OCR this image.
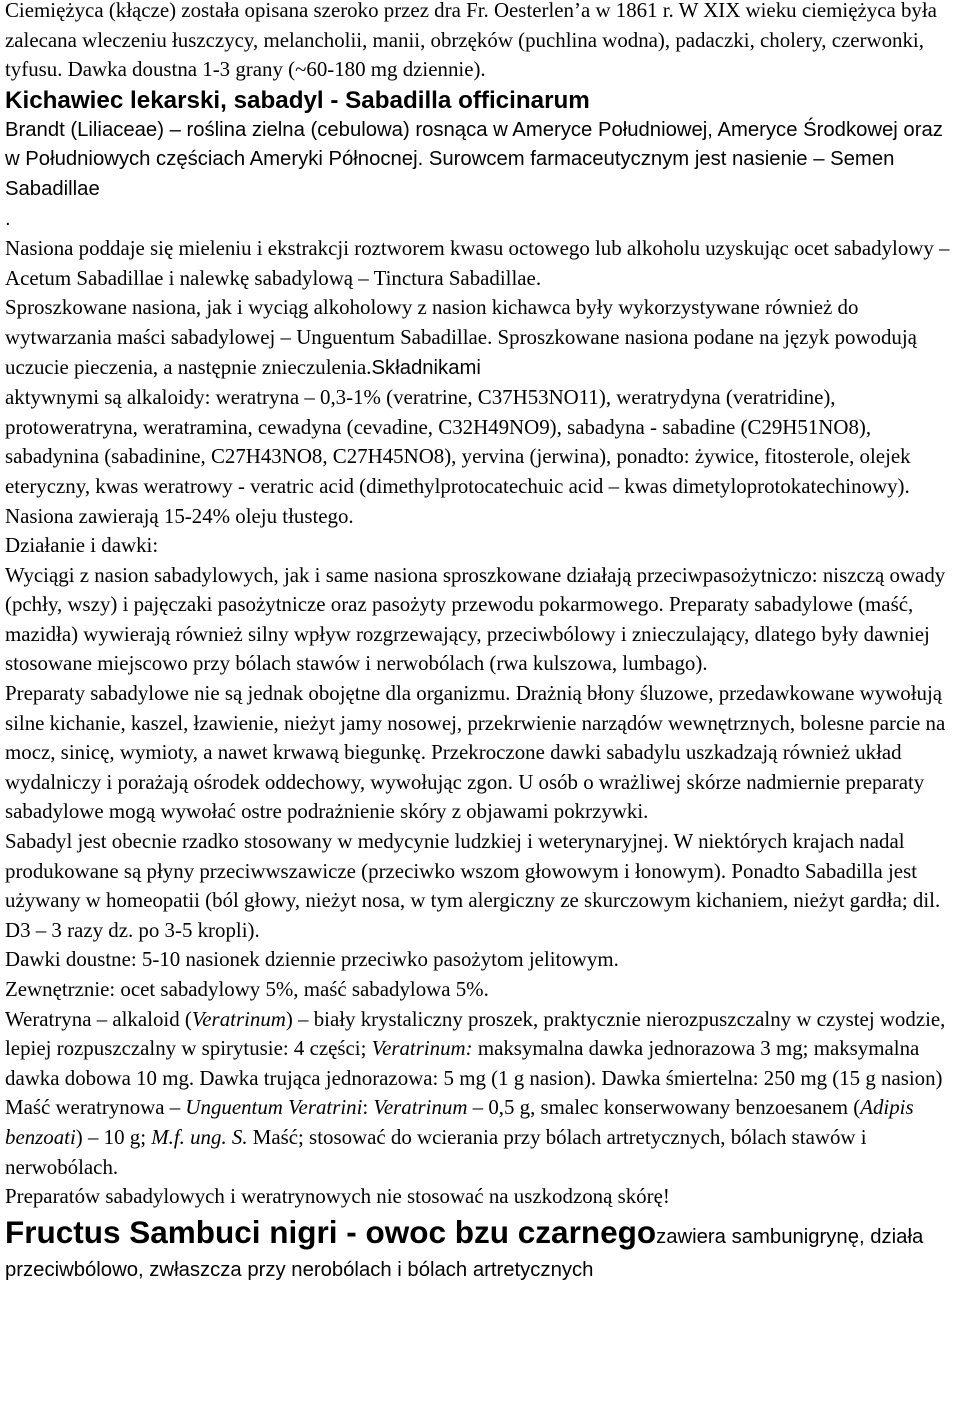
Ciemiężyca (kłącze) została opisana szeroko przez dra Fr. Oesterlen’a w 1861 r. W XIX wieku ciemiężyca była zalecana wleczeniu łuszczycy, melancholii, manii, obrzęków (puchlina wodna), padaczki, cholery, czerwonki, tyfusu. Dawka doustna 1-3 grany (~60-180 mg dziennie).

Kichawiec lekarski, sabadyl - Sabadilla officinarum

Brandt (Liliaceae) – roślina zielna (cebulowa) rosnąca w Ameryce Południowej, Ameryce Środkowej oraz w Południowych częściach Ameryki Północnej. Surowcem farmaceutycznym jest nasienie – Semen Sabadillae

.

Nasiona poddaje się mieleniu i ekstrakcji roztworem kwasu octowego lub alkoholu uzyskując ocet sabadylowy – Acetum Sabadillae i nalewkę sabadylową – Tinctura Sabadillae.

Sproszkowane nasiona, jak i wyciąg alkoholowy z nasion kichawca były wykorzystywane również do wytwarzania maści sabadylowej – Unguentum Sabadillae. Sproszkowane nasiona podane na język powodują uczucie pieczenia, a następnie znieczulenia.Składnikami

aktywnymi są alkaloidy: weratryna – 0,3-1% (veratrine, C37H53NO11), weratrydyna (veratridine), protoweratryna, weratramina, cewadyna (cevadine, C32H49NO9), sabadyna - sabadine (C29H51NO8), sabadynina (sabadinine, C27H43NO8, C27H45NO8), yervina (jerwina), ponadto: żywice, fitosterole, olejek eteryczny, kwas weratrowy - veratric acid (dimethylprotocatechuic acid – kwas dimetyloprotokatechinowy).

Nasiona zawierają 15-24% oleju tłustego.

Działanie i dawki:

Wyciągi z nasion sabadylowych, jak i same nasiona sproszkowane działają przeciwpasożytniczo: niszczą owady (pchły, wszy) i pajęczaki pasożytnicze oraz pasożyty przewodu pokarmowego. Preparaty sabadylowe (maść, mazidła) wywierają również silny wpływ rozgrzewający, przeciwbólowy i znieczulający, dlatego były dawniej stosowane miejscowo przy bólach stawów i nerwobólach (rwa kulszowa, lumbago).

Preparaty sabadylowe nie są jednak obojętne dla organizmu. Drażnią błony śluzowe, przedawkowane wywołują silne kichanie, kaszel, łzawienie, nieżyt jamy nosowej, przekrwienie narządów wewnętrznych, bolesne parcie na mocz, sinicę, wymioty, a nawet krwawą biegunkę. Przekroczone dawki sabadylu uszkadzają również układ wydalniczy i porażają ośrodek oddechowy, wywołując zgon. U osób o wrażliwej skórze nadmiernie preparaty sabadylowe mogą wywołać ostre podrażnienie skóry z objawami pokrzywki.

Sabadyl jest obecnie rzadko stosowany w medycynie ludzkiej i weterynaryjnej. W niektórych krajach nadal produkowane są płyny przeciwwszawicze (przeciwko wszom głowowym i łonowym). Ponadto Sabadilla jest używany w homeopatii (ból głowy, nieżyt nosa, w tym alergiczny ze skurczowym kichaniem, nieżyt gardła; dil. D3 – 3 razy dz. po 3-5 kropli).

Dawki doustne: 5-10 nasionek dziennie przeciwko pasożytom jelitowym.

Zewnętrznie: ocet sabadylowy 5%, maść sabadylowa 5%.

Weratryna – alkaloid (Veratrinum) – biały krystaliczny proszek, praktycznie nierozpuszczalny w czystej wodzie, lepiej rozpuszczalny w spirytusie: 4 części; Veratrinum: maksymalna dawka jednorazowa 3 mg; maksymalna dawka dobowa 10 mg. Dawka trująca jednorazowa: 5 mg (1 g nasion). Dawka śmiertelna: 250 mg (15 g nasion)

Maść weratrynowa – Unguentum Veratrini: Veratrinum – 0,5 g, smalec konserwowany benzoesanem (Adipis benzoati) – 10 g; M.f. ung. S. Maść; stosować do wcierania przy bólach artretycznych, bólach stawów i nerwobólach.

Preparatów sabadylowych i weratrynowych nie stosować na uszkodzoną skórę!

Fructus Sambuci nigri - owoc bzu czarnegozawiera sambunigrynę, działa

przeciwbólowo, zwłaszcza przy nerobólach i bólach artretycznych
